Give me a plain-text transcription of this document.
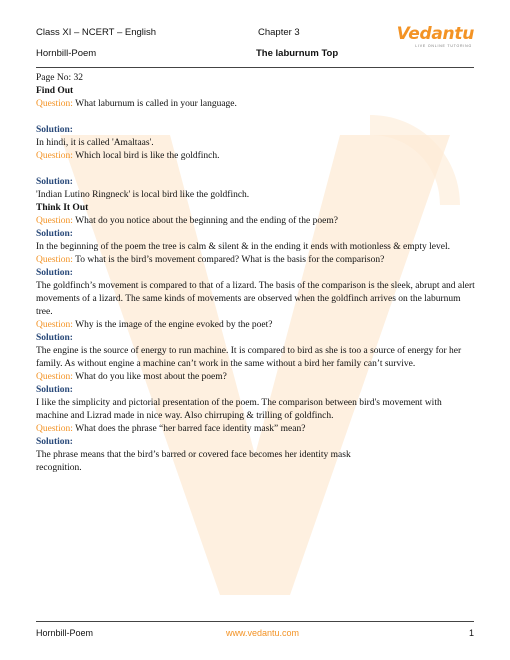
Class XI – NCERT – English	Chapter 3
Hornbill-Poem	The laburnum Top
Vedantu
LIVE ONLINE TUTORING

Page No: 32

Find Out

Question: What laburnum is called in your language.

Solution:

In hindi, it is called 'Amaltaas'.

Question: Which local bird is like the goldfinch.

Solution:

'Indian Lutino Ringneck' is local bird like the goldfinch.

Think It Out

Question: What do you notice about the beginning and the ending of the poem?

Solution:

In the beginning of the poem the tree is calm & silent & in the ending it ends with motionless & empty level.

Question: To what is the bird’s movement compared? What is the basis for the comparison?

Solution:

The goldfinch’s movement is compared to that of a lizard. The basis of the comparison is the sleek, abrupt and alert movements of a lizard. The same kinds of movements are observed when the goldfinch arrives on the laburnum tree.

Question: Why is the image of the engine evoked by the poet?

Solution:

The engine is the source of energy to run machine. It is compared to bird as she is too a source of energy for her family. As without engine a machine can’t work in the same without a bird her family can’t survive.

Question: What do you like most about the poem?

Solution:

I like the simplicity and pictorial presentation of the poem. The comparison between bird's movement with machine and Lizrad made in nice way. Also chirruping & trilling of goldfinch.

Question: What does the phrase “her barred face identity mask” mean?

Solution:

The phrase means that the bird’s barred or covered face becomes her identity mask

recognition.

Hornbill-Poem	www.vedantu.com	1
